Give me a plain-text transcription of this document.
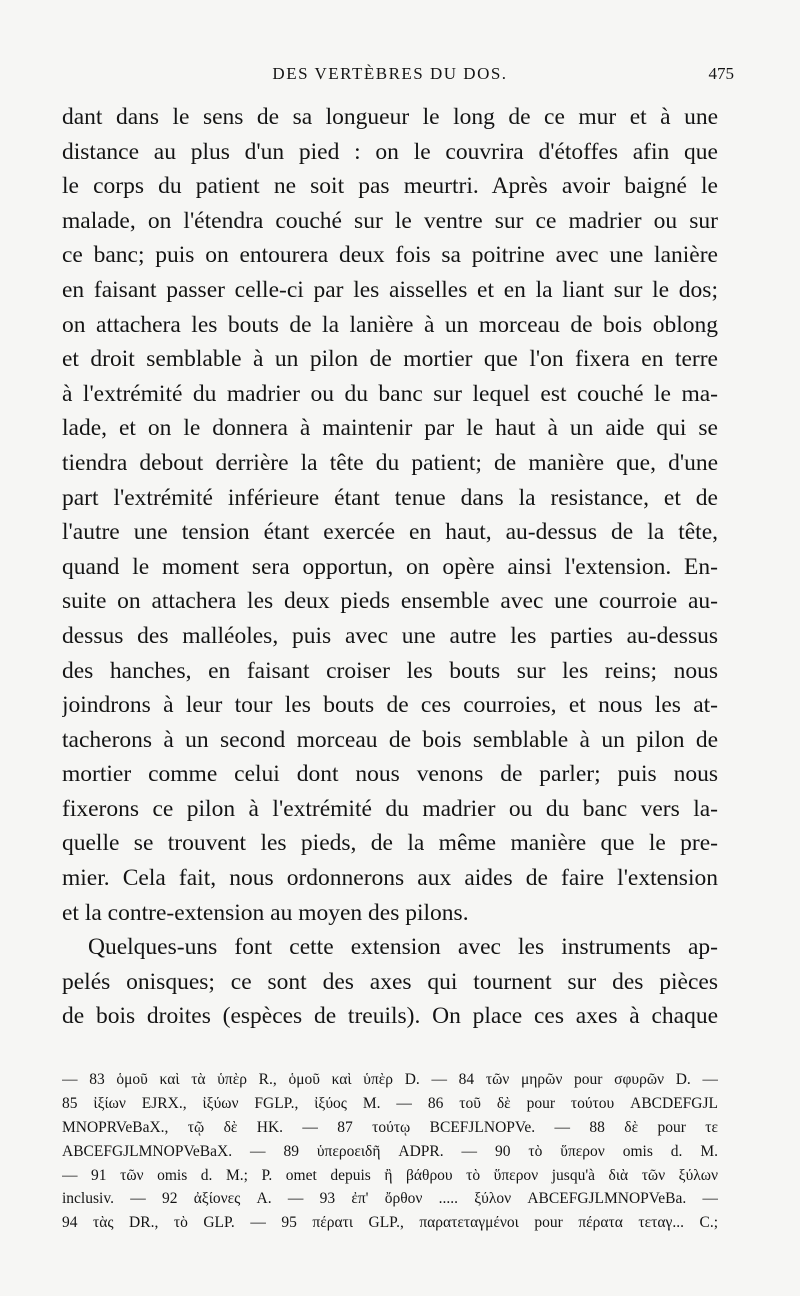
DES VERTÈBRES DU DOS.	475
dant dans le sens de sa longueur le long de ce mur et à une
distance au plus d'un pied : on le couvrira d'étoffes afin que
le corps du patient ne soit pas meurtri. Après avoir baigné le
malade, on l'étendra couché sur le ventre sur ce madrier ou sur
ce banc; puis on entourera deux fois sa poitrine avec une lanière
en faisant passer celle-ci par les aisselles et en la liant sur le dos;
on attachera les bouts de la lanière à un morceau de bois oblong
et droit semblable à un pilon de mortier que l'on fixera en terre
à l'extrémité du madrier ou du banc sur lequel est couché le ma-
lade, et on le donnera à maintenir par le haut à un aide qui se
tiendra debout derrière la tête du patient; de manière que, d'une
part l'extrémité inférieure étant tenue dans la resistance, et de
l'autre une tension étant exercée en haut, au-dessus de la tête,
quand le moment sera opportun, on opère ainsi l'extension. En-
suite on attachera les deux pieds ensemble avec une courroie au-
dessus des malléoles, puis avec une autre les parties au-dessus
des hanches, en faisant croiser les bouts sur les reins; nous
joindrons à leur tour les bouts de ces courroies, et nous les at-
tacherons à un second morceau de bois semblable à un pilon de
mortier comme celui dont nous venons de parler; puis nous
fixerons ce pilon à l'extrémité du madrier ou du banc vers la-
quelle se trouvent les pieds, de la même manière que le pre-
mier. Cela fait, nous ordonnerons aux aides de faire l'extension
et la contre-extension au moyen des pilons.
Quelques-uns font cette extension avec les instruments ap-
pelés onisques; ce sont des axes qui tournent sur des pièces
de bois droites (espèces de treuils). On place ces axes à chaque
— 83 ὁμοῦ καὶ τὰ ὑπὲρ R., ὁμοῦ καὶ ὑπὲρ D. — 84 τῶν μηρῶν pour σφυρῶν D. —
85 ἰξίων EJRX., ἰξύων FGLP., ἰξύος M. — 86 τοῦ δὲ pour τούτου ABCDEFGJL
MNOPRVeBaX., τῷ δὲ HK. — 87 τούτῳ BCEFJLNOPVe. — 88 δὲ pour τε
ABCEFGJLMNOPVeBaX. — 89 ὑπεροειδῆ ADPR. — 90 τὸ ὕπερον omis d. M.
— 91 τῶν omis d. M.; P. omet depuis ἢ βάθρου τὸ ὕπερον jusqu'à διὰ τῶν ξύλων
inclusiv. — 92 ἀξίονες A. — 93 ἐπ' ὄρθον ..... ξύλον ABCEFGJLMNOPVeBa. —
94 τὰς DR., τὸ GLP. — 95 πέρατι GLP., παρατεταγμένοι pour πέρατα τεταγ... C.;
